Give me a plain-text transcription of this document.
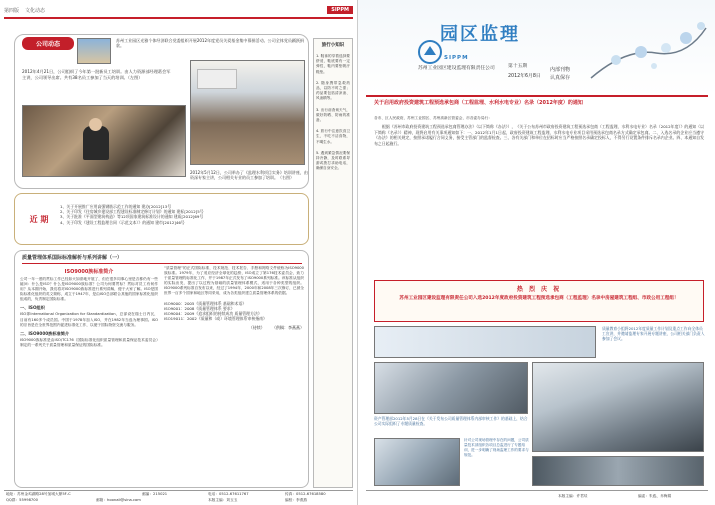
第四版 文化动态	SIPPM
公司动态
苏州工业园区光雅个体经济联合党委组织开展2012年度党员关爱基金集中募捐活动。公司全体党员踊跃捐款。
2012年4月21日，公司组织了今年第一批新员工培训。由人力资源部经理葛会军主讲，公司领导出席。共有38名员工参加了当天的培训。（左图）
2012年5月12日，公司举办了《监理水利项目实务》培训讲座，由资深专家主讲，公司相关专业的员工参加了培训。（右图）
近 期
1、关于开展推广应用高强钢筋示范工作的通知 建办[2012]13号
2、关于印发《住房城乡建设部工程建设标准制定修订计划》的通知 建标[2012]5号
3、关于批准《平面型建筑构造》等12项国家建筑标准设计的通知 建质[2012]69号
4、关于印发《建设工程监理合同（示范文本）》的通知 建市[2012]46号
旅行小知识

1. 鞋袜的穿着选择要舒适，鞋底要有一定弹性，鞋内要垫吸汗鞋垫。

2. 随身携带急救药品，以防不时之需；药品要包括清凉油、风油精等。

3. 出行前查询天气，做好防晒、防雨的准备。

4. 旅行中注意饮食卫生，不吃不洁食物，不喝生水。

5. 遇到紧急情况要保持冷静，及时联系导游或拨打求助电话，确保自身安全。

质量管理体系国际标准解析与系列讲解（一）
ISO9000族标准简介

公司一年一度的贯标工作已经如火如荼地开展了，但在很多同事心里是否都仍有一些疑问：什么是ISO？什么是ISO9000族标准？公司为何要贯标？贯标对员工有何作用？从本期开始，我们将对ISO9000族标准进行系列讲解，便于大家了解。ISO是国际标准化组织的英文简称，成立于1947年，是由ISO总部联合其他的国家标准化组织组成的，负责制定国际标准。

一、ISO组织

ISO即International Organization for Standardization，总部设在瑞士日内瓦，目前有160多个成员国。中国于1978年加入ISO，并在1982年当选为理事国。ISO的宗旨是在全世界范围内促进标准化工作，以便于国际物资交流与服务。

二、ISO9000族标准简介

ISO9000族标准是由ISO/TC176（国际标准化组织质量管理和质量保证技术委员会）制定的一系列关于质量管理和质量保证的国际标准。

“质量管理”的正式国际标准，技术规范、技术报告、手册和网络文件统称为ISO9000族标准。1979年，为了适应经济全球化的趋势，ISO成立了第176技术委员会，致力于质量管理的标准化工作，并于1987年正式发布了ISO9000系列标准。该标准从组织的实际出发，提出了以过程为基础的质量管理体系模式，适用于各种类型的组织。ISO9000系列标准自发布以来，经过了1994年、2000年和2008年三次修订，已被全世界一百多个国家和地区等同采用，成为各类组织建立质量管理体系的依据。

ISO9000：2005《质量管理体系 基础和术语》
ISO9001：2008《质量管理体系 要求》
ISO9004：2009《追求组织的持续成功 质量管理方法》
ISO19011：2002《质量和（或）环境管理体系审核指南》
（待续） （供稿：李燕燕）
地址：苏州金鸡湖路28号加城大厦5F-C	邮编：215021	电话：0512-67611767	传真：0512-67618580
QQ群：55998700	邮箱：hoonali@sina.com	本版主编：刘玉玉	编校：李燕燕
园区监理
SIPPM
苏州工业园区建设监理有限责任公司	第十五期
2012年6月8日
内部刊物
认真保存
关于启用政府投资建筑工程预选承包商（工程监理、水利水电专业）名录（2012年度）的通知
各市、区人民政府，苏州工业园区、苏州高新区管委会，市各委办局行：
根据《苏州市政府投资建筑工程预选承包商管理办法》（以下简称《办法》），《关于公布苏州市政府投资建筑工程预选承包商（工程监理、水利水电专业）名录（2012年度）》的通知（以下简称《名录》）精神，现将启用有关事项通知如下：一、2012年1月1日起，政府投资建筑工程监理、水利水电专业项目采用预选承包商名录方式确定承包商。二、入选名录的企业应当遵守《办法》的相关规定，按照承诺履行合同义务，接受主管部门的监督检查。三、各有关部门和单位在招标时应当严格按照名录确定投标人，不得另行设置条件排斥名录内企业。四、本通知自发布之日起施行。
热 烈 庆 祝
苏州工业园区建设监理有限责任公司入选2012年度政府投资建筑工程预选承包商（工程监理）名录中房屋建筑工程组、市政公用工程组！
质量教育小组将2012年度质量工作计划及重点工作向全体员工宣讲，并邀请监理专家开展专题讲座，公司相关部门负责人参加了会议。
资产管理部2012年5月28日在《关于发布公司质量管理体系内部审核工作》的基础上，结合公司实际组织了专题质量检查。
针对公司现场管理中存在的问题，公司质量技术部组织各项目总监进行了专题培训，进一步明确了现场监理工作的要求与规范。
本版主编：许君琰	编委：朱彪、乔梅娟
